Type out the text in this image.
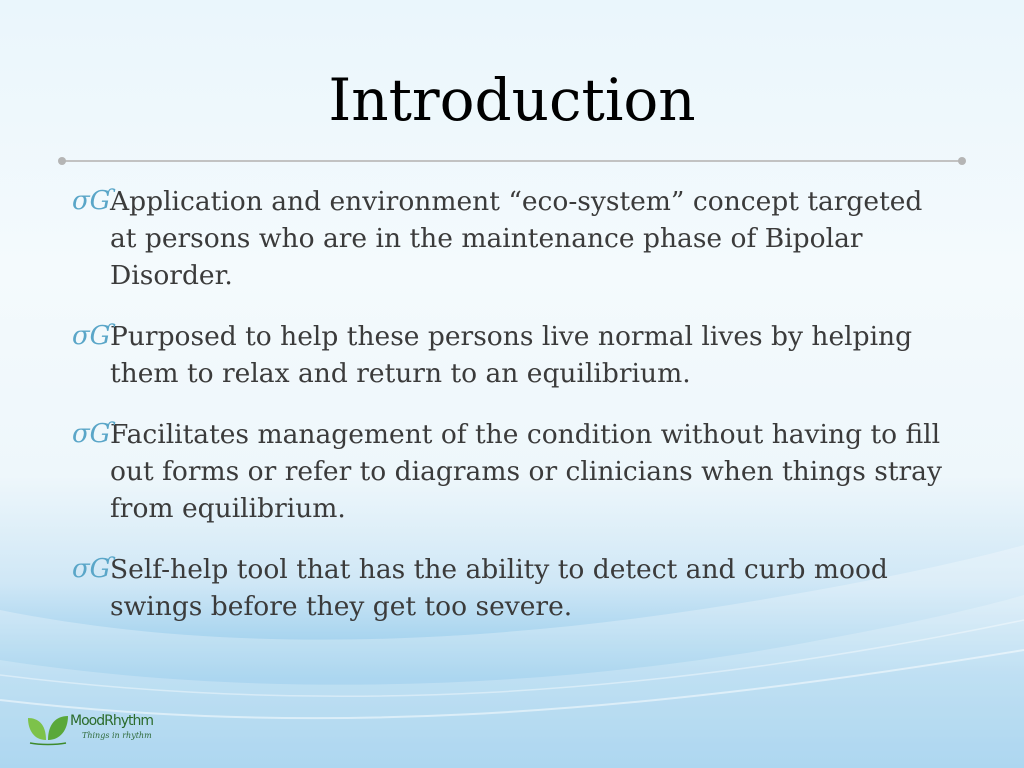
Introduction
σƓ Application and environment “eco-system” concept targeted at persons who are in the maintenance phase of Bipolar Disorder.
σƓ Purposed to help these persons live normal lives by helping them to relax and return to an equilibrium.
σƓ Facilitates management of the condition without having to fill out forms or refer to diagrams or clinicians when things stray from equilibrium.
σƓ Self-help tool that has the ability to detect and curb mood swings before they get too severe.
MoodRhythm
Things in rhythm
